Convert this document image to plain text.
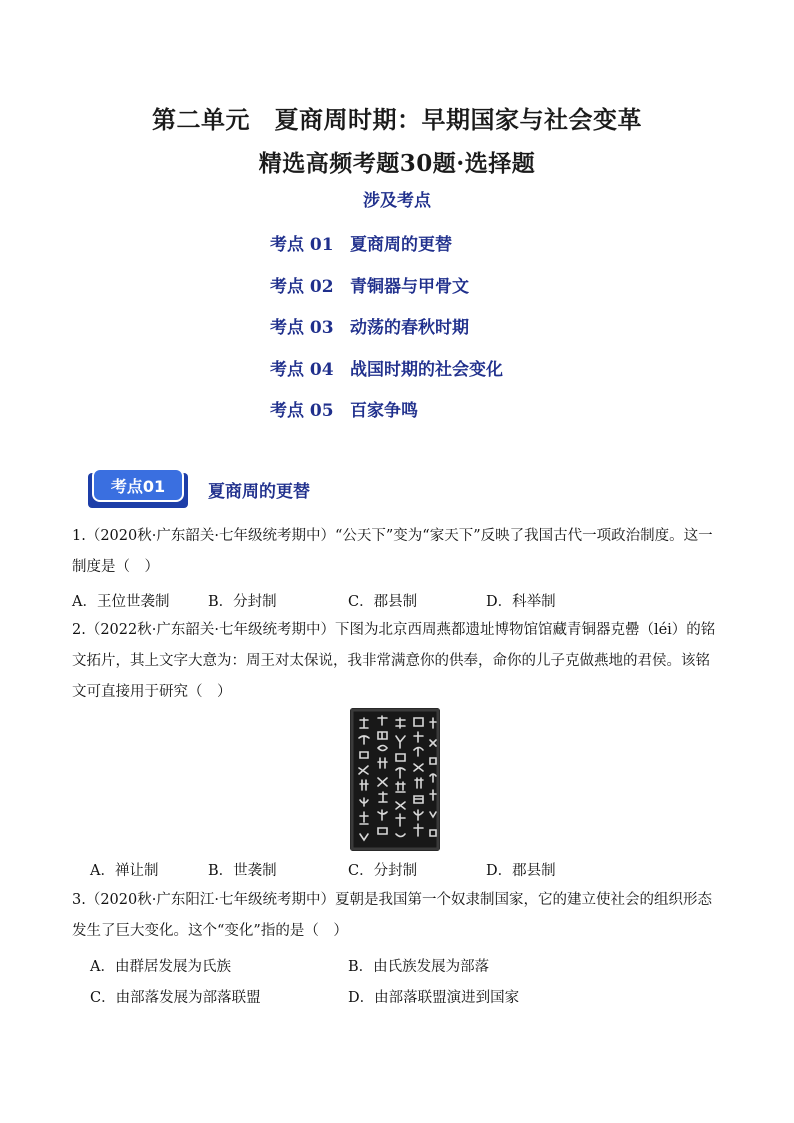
第二单元　夏商周时期：早期国家与社会变革
精选高频考题30题·选择题
涉及考点
考点 01 夏商周的更替
考点 02 青铜器与甲骨文
考点 03 动荡的春秋时期
考点 04 战国时期的社会变化
考点 05 百家争鸣
考点01	夏商周的更替
1.（2020秋·广东韶关·七年级统考期中）“公天下”变为“家天下”反映了我国古代一项政治制度。这一制度是（　）
A．王位世袭制	B．分封制	C．郡县制	D．科举制
2.（2022秋·广东韶关·七年级统考期中）下图为北京西周燕都遗址博物馆馆藏青铜器克罍（léi）的铭文拓片，其上文字大意为：周王对太保说，我非常满意你的供奉，命你的儿子克做燕地的君侯。该铭文可直接用于研究（　）
A．禅让制	B．世袭制	C．分封制	D．郡县制
3.（2020秋·广东阳江·七年级统考期中）夏朝是我国第一个奴隶制国家，它的建立使社会的组织形态发生了巨大变化。这个“变化”指的是（　）
A．由群居发展为氏族	B．由氏族发展为部落
C．由部落发展为部落联盟	D．由部落联盟演进到国家
